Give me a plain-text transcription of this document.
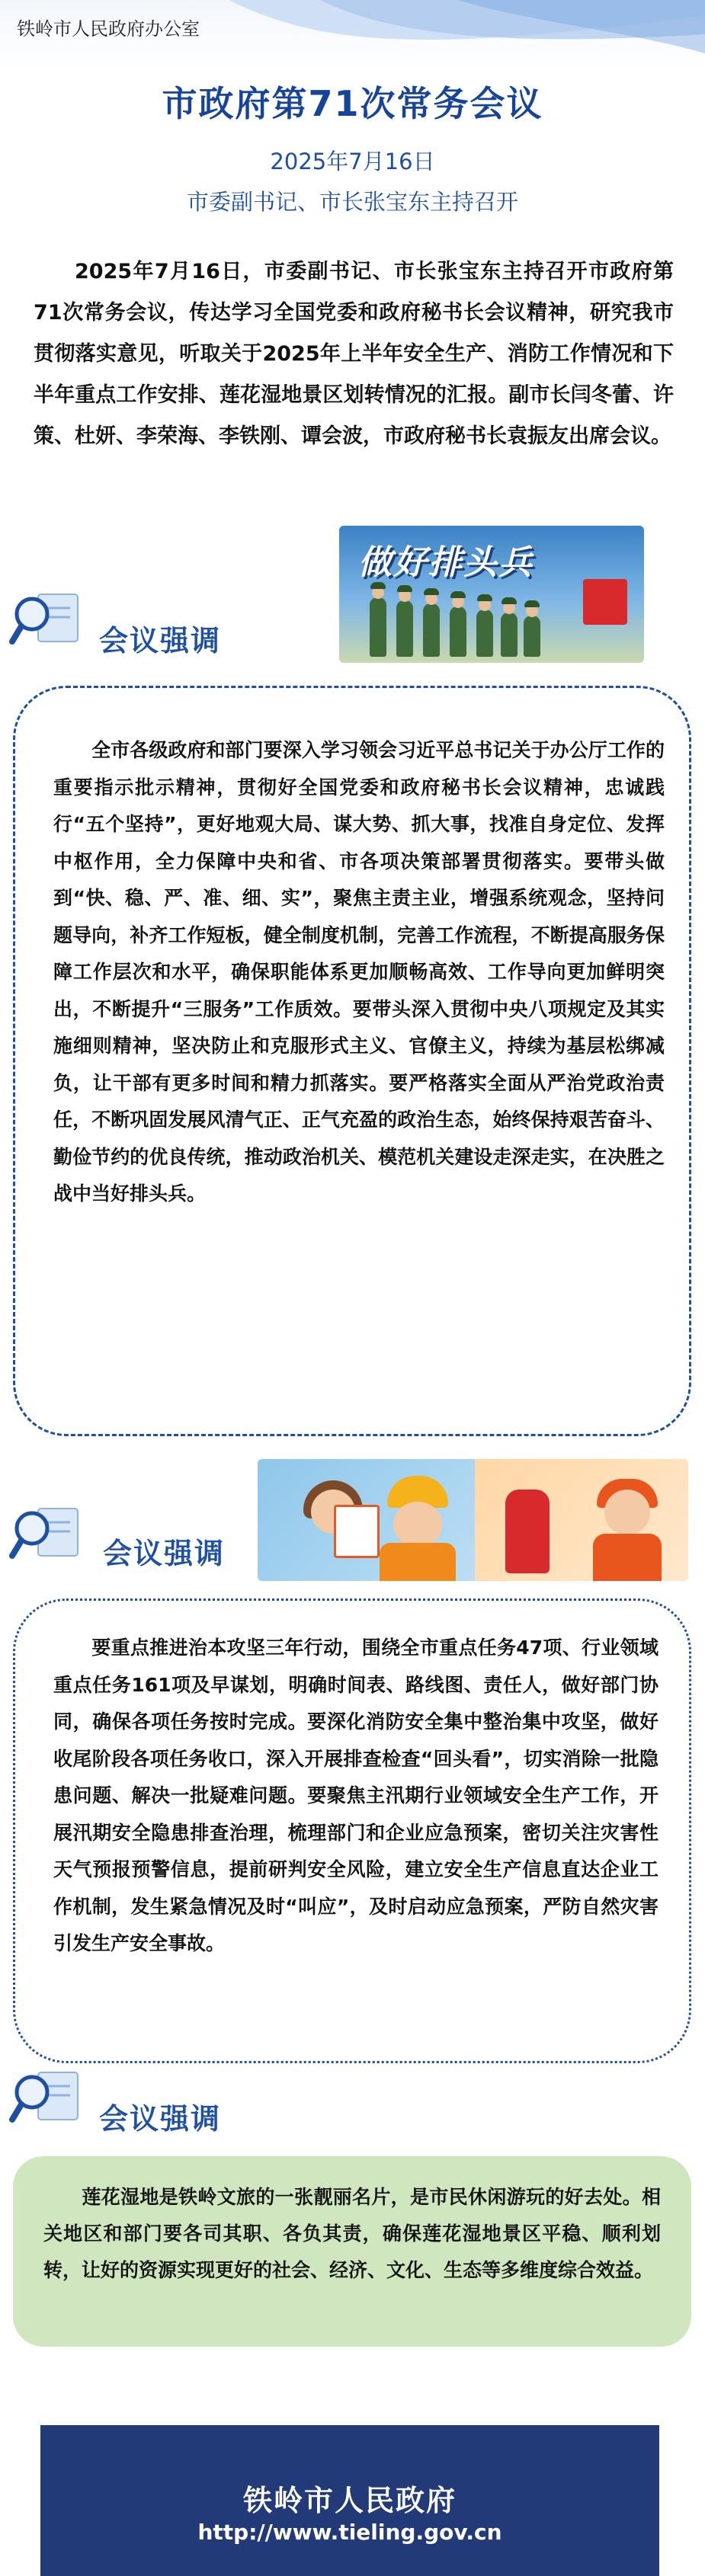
铁岭市人民政府办公室
市政府第71次常务会议
2025年7月16日
市委副书记、市长张宝东主持召开

2025年7月16日，市委副书记、市长张宝东主持召开市政府第71次常务会议，传达学习全国党委和政府秘书长会议精神，研究我市贯彻落实意见，听取关于2025年上半年安全生产、消防工作情况和下半年重点工作安排、莲花湿地景区划转情况的汇报。副市长闫冬蕾、许策、杜妍、李荣海、李铁刚、谭会波，市政府秘书长袁振友出席会议。

做好排头兵
会议强调
全市各级政府和部门要深入学习领会习近平总书记关于办公厅工作的重要指示批示精神，贯彻好全国党委和政府秘书长会议精神，忠诚践行“五个坚持”，更好地观大局、谋大势、抓大事，找准自身定位、发挥中枢作用，全力保障中央和省、市各项决策部署贯彻落实。要带头做到“快、稳、严、准、细、实”，聚焦主责主业，增强系统观念，坚持问题导向，补齐工作短板，健全制度机制，完善工作流程，不断提高服务保障工作层次和水平，确保职能体系更加顺畅高效、工作导向更加鲜明突出，不断提升“三服务”工作质效。要带头深入贯彻中央八项规定及其实施细则精神，坚决防止和克服形式主义、官僚主义，持续为基层松绑减负，让干部有更多时间和精力抓落实。要严格落实全面从严治党政治责任，不断巩固发展风清气正、正气充盈的政治生态，始终保持艰苦奋斗、勤俭节约的优良传统，推动政治机关、模范机关建设走深走实，在决胜之战中当好排头兵。
会议强调
要重点推进治本攻坚三年行动，围绕全市重点任务47项、行业领域重点任务161项及早谋划，明确时间表、路线图、责任人，做好部门协同，确保各项任务按时完成。要深化消防安全集中整治集中攻坚，做好收尾阶段各项任务收口，深入开展排查检查“回头看”，切实消除一批隐患问题、解决一批疑难问题。要聚焦主汛期行业领域安全生产工作，开展汛期安全隐患排查治理，梳理部门和企业应急预案，密切关注灾害性天气预报预警信息，提前研判安全风险，建立安全生产信息直达企业工作机制，发生紧急情况及时“叫应”，及时启动应急预案，严防自然灾害引发生产安全事故。
会议强调
莲花湿地是铁岭文旅的一张靓丽名片，是市民休闲游玩的好去处。相关地区和部门要各司其职、各负其责，确保莲花湿地景区平稳、顺利划转，让好的资源实现更好的社会、经济、文化、生态等多维度综合效益。
铁岭市人民政府
http://www.tieling.gov.cn
